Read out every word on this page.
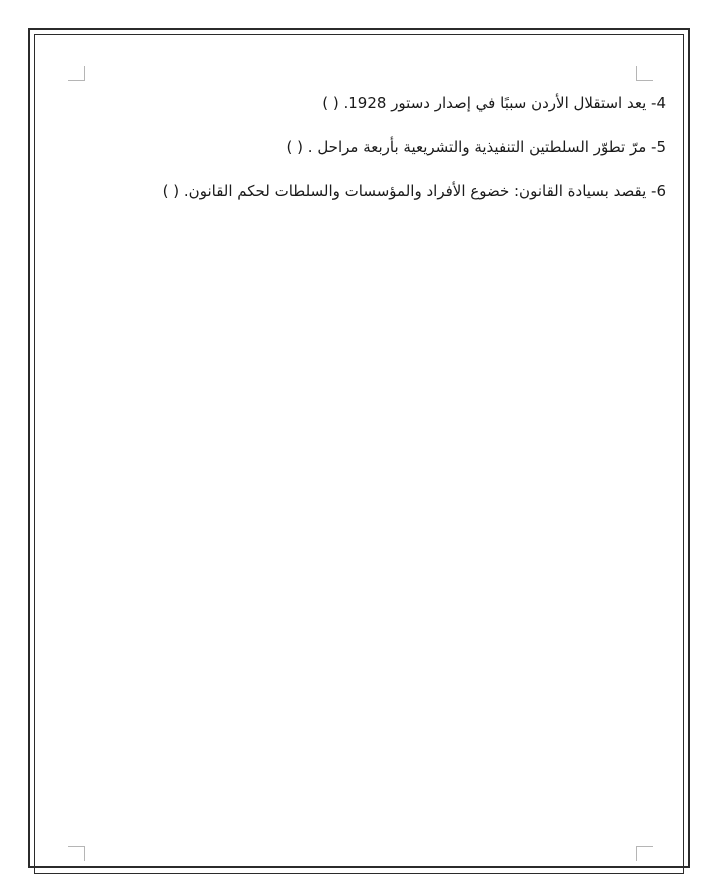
4- يعد استقلال الأردن سببًا في إصدار دستور 1928. ( )
5- مرّ تطوّر السلطتين التنفيذية والتشريعية بأربعة مراحل . ( )
6- يقصد بسيادة القانون: خضوع الأفراد والمؤسسات والسلطات لحكم القانون. ( )
